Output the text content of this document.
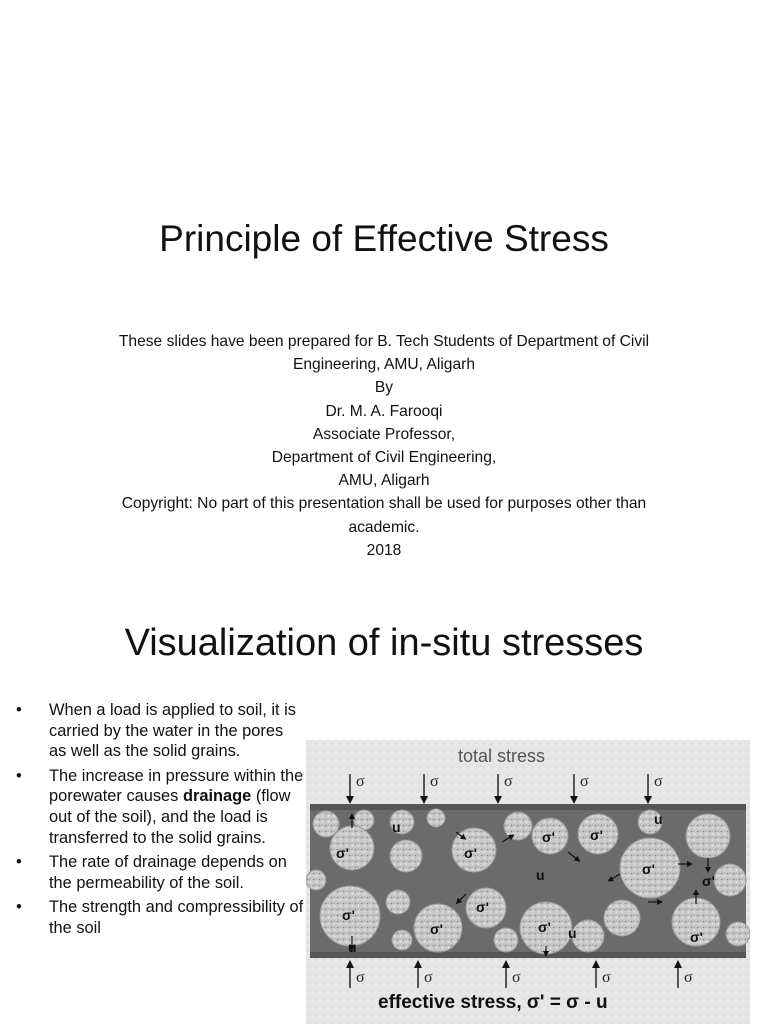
Principle of Effective Stress
These slides have been prepared for B. Tech Students of Department of Civil
Engineering, AMU, Aligarh
By
Dr. M. A. Farooqi
Associate Professor,
Department of Civil Engineering,
AMU, Aligarh
Copyright: No part of this presentation shall be used for purposes other than
academic.
2018
Visualization of in-situ stresses
• When a load is applied to soil, it is carried by the water in the pores as well as the solid grains.
• The increase in pressure within the porewater causes drainage (flow out of the soil), and the load is transferred to the solid grains.
• The rate of drainage depends on the permeability of the soil.
• The strength and compressibility of the soil
total stress
σ	σ	σ	σ	σ
σ'	σ'
σ'	σ'
σ'
σ'
σ'	σ'
σ'	σ'
σ'
u
u
u
u
u
σ	σ	σ	σ	σ
effective stress, σ' = σ - u
